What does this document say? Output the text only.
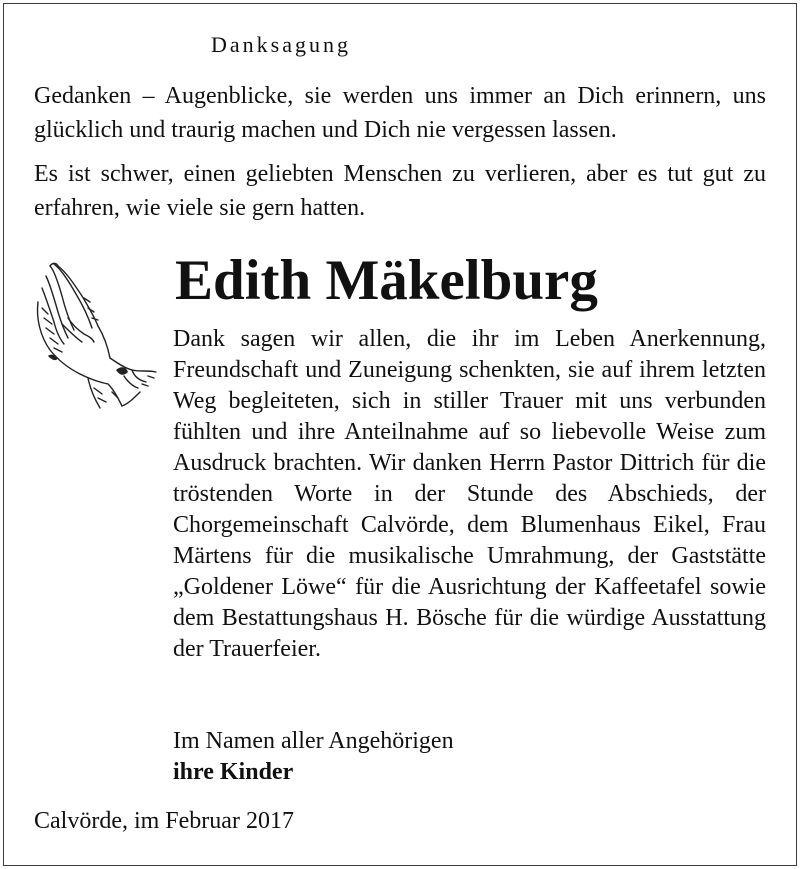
Danksagung
Gedanken – Augenblicke, sie werden uns immer an Dich erinnern, uns glücklich und traurig machen und Dich nie vergessen lassen.
Es ist schwer, einen geliebten Menschen zu verlieren, aber es tut gut zu erfahren, wie viele sie gern hatten.
Edith Mäkelburg
Dank sagen wir allen, die ihr im Leben Anerkennung, Freundschaft und Zuneigung schenkten, sie auf ihrem letzten Weg begleiteten, sich in stiller Trauer mit uns verbunden fühlten und ihre Anteilnahme auf so liebevolle Weise zum Ausdruck brachten. Wir danken Herrn Pastor Dittrich für die tröstenden Worte in der Stunde des Abschieds, der Chorgemeinschaft Calvörde, dem Blumenhaus Eikel, Frau Märtens für die musikalische Umrahmung, der Gaststätte „Goldener Löwe“ für die Ausrichtung der Kaffeetafel sowie dem Bestattungshaus H. Bösche für die würdige Ausstattung der Trauerfeier.
Im Namen aller Angehörigen
ihre Kinder
Calvörde, im Februar 2017
